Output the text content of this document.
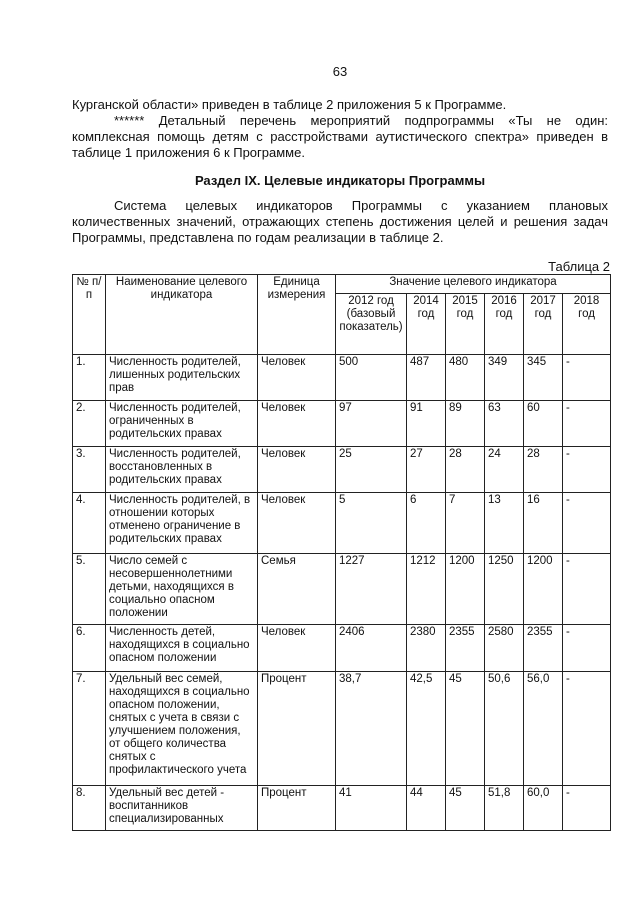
63
Курганской области» приведен в таблице 2 приложения 5 к Программе.
****** Детальный перечень мероприятий подпрограммы «Ты не один: комплексная помощь детям с расстройствами аутистического спектра» приведен в таблице 1 приложения 6 к Программе.
Раздел IX. Целевые индикаторы Программы
Система целевых индикаторов Программы с указанием плановых количественных значений, отражающих степень достижения целей и решения задач Программы, представлена по годам реализации в таблице 2.
Таблица 2
№ п/п	Наименование целевого индикатора	Единица измерения	Значение целевого индикатора					
			2012 год (базовый показатель)	2014 год	2015 год	2016 год	2017 год	2018 год
1.	Численность родителей, лишенных родительских прав	Человек	500	487	480	349	345	-
2.	Численность родителей, ограниченных в родительских правах	Человек	97	91	89	63	60	-
3.	Численность родителей, восстановленных в родительских правах	Человек	25	27	28	24	28	-
4.	Численность родителей, в отношении которых отменено ограничение в родительских правах	Человек	5	6	7	13	16	-
5.	Число семей с несовершеннолетними детьми, находящихся в социально опасном положении	Семья	1227	1212	1200	1250	1200	-
6.	Численность детей, находящихся в социально опасном положении	Человек	2406	2380	2355	2580	2355	-
7.	Удельный вес семей, находящихся в социально опасном положении, снятых с учета в связи с улучшением положения, от общего количества снятых с профилактического учета	Процент	38,7	42,5	45	50,6	56,0	-
8.	Удельный вес детей - воспитанников специализированных	Процент	41	44	45	51,8	60,0	-
